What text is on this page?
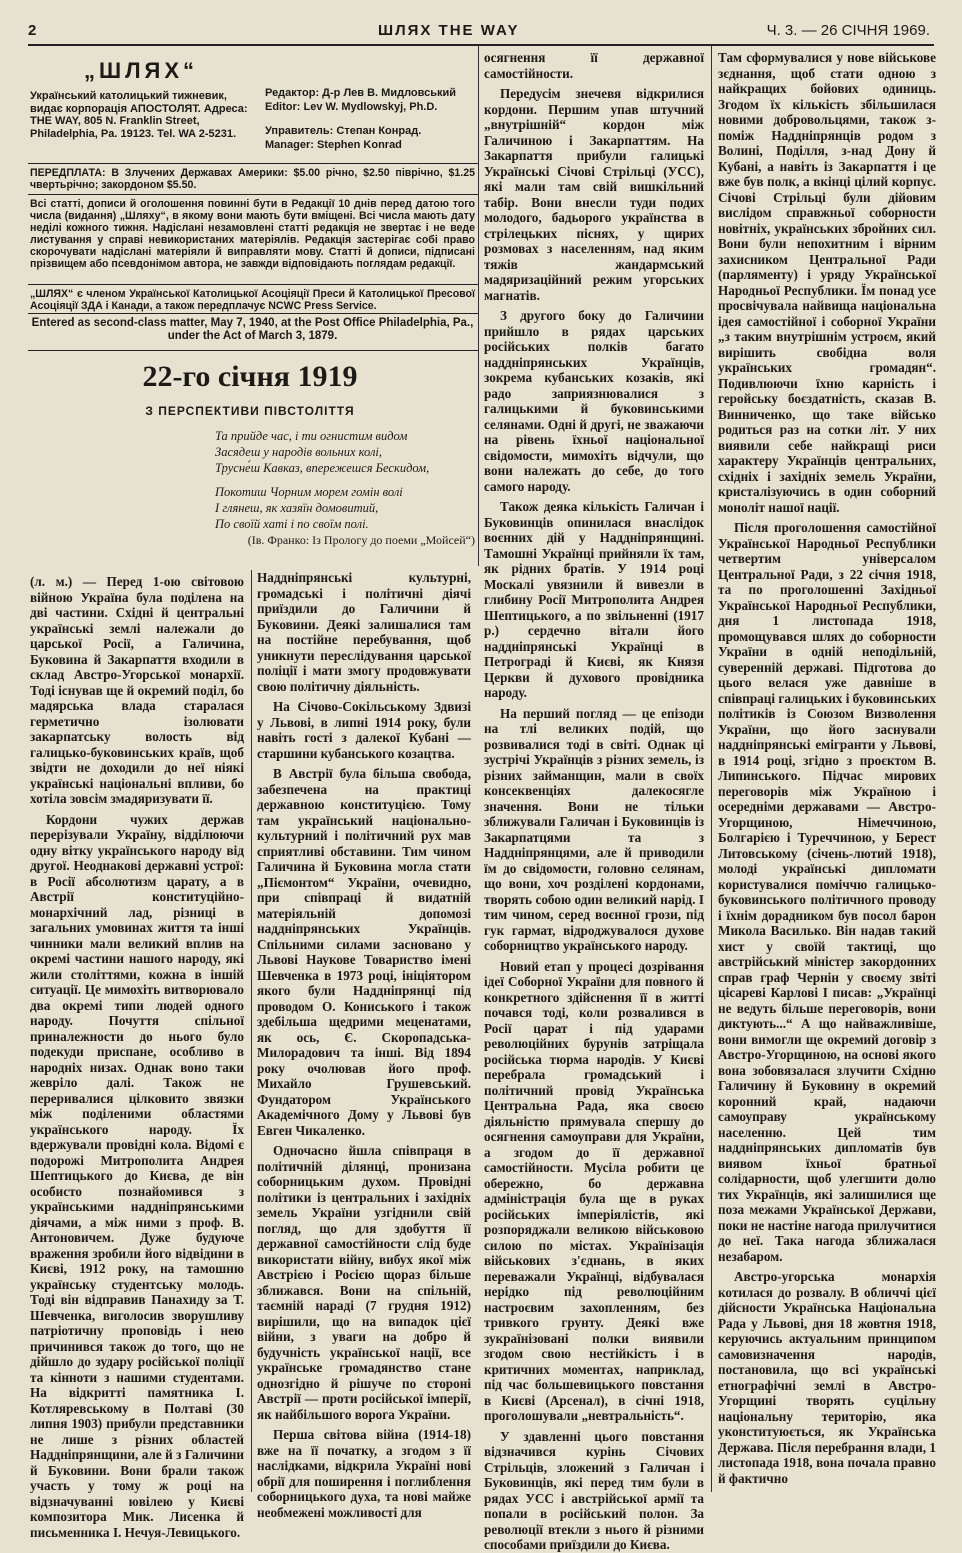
2	ШЛЯХ THE WAY	Ч. 3. — 26 СІЧНЯ 1969.
„ШЛЯХ“
Український католицький тижневик, видає корпорація АПОСТОЛЯТ. Адреса: THE WAY, 805 N. Franklin Street, Philadelphia, Pa. 19123. Tel. WA 2-5231.
Редактор: Д-р Лев В. Мидловський
Editor: Lev W. Mydlowskyj, Ph.D.
Управитель: Степан Конрад.
Manager: Stephen Konrad
ПЕРЕДПЛАТА: В Злучених Державах Америки: $5.00 річно, $2.50 піврічно, $1.25 чвертьрічно; закордоном $5.50.
Всі статті, дописи й оголошення повинні бути в Редакції 10 днів перед датою того числа (видання) „Шляху“, в якому вони мають бути вміщені. Всі числа мають дату неділі кожного тижня. Надіслані незамовлені статті редакція не звертає і не веде листування у справі невикористаних матеріялів. Редакція застерігає собі право скорочувати надіслані матеріяли й виправляти мову. Статті й дописи, підписані прізвищем або псевдонімом автора, не завжди відповідають поглядам редакції.
„ШЛЯХ“ є членом Української Католицької Асоціяції Преси й Католицької Пресової Асоціяції ЗДА і Канади, а також передплачує NCWC Press Service.
Entered as second-class matter, May 7, 1940, at the Post Office Philadelphia, Pa., under the Act of March 3, 1879.
22-го січня 1919
З ПЕРСПЕКТИВИ ПІВСТОЛІТТЯ
Та прийде час, і ти огнистим видом
Засядеш у народів вольних колі,
Трусне́ш Кавказ, впережешся Бескидом,
Покотиш Чорним морем гомін волі
І глянеш, як хазяїн домовитий,
По своїй хаті і по своїм полі.
(Ів. Франко: Із Прологу до поеми „Мойсей“)

(л. м.) — Перед 1-ою світовою війною Україна була поділена на дві частини. Східні й центральні українські землі належали до царської Росії, а Галичина, Буковина й Закарпаття входили в склад Австро-Угорської монархії. Тоді існував ще й окремий поділ, бо мадярська влада старалася герметично ізолювати закарпатську волость від галицько-буковинських країв, щоб звідти не доходили до неї ніякі українські національні впливи, бо хотіла зовсім змадяризувати її.

Кордони чужих держав перерізували Україну, відділюючи одну вітку українського народу від другої. Неоднакові державні устрої: в Росії абсолютизм царату, а в Австрії конституційно-монархічний лад, різниці в загальних умовинах життя та інші чинники мали великий вплив на окремі частини нашого народу, які жили століттями, кожна в іншій ситуації. Це мимохіть витворювало два окремі типи людей одного народу. Почуття спільної приналежности до нього було подекуди приспане, особливо в народніх низах. Однак воно таки жевріло далі. Також не переривалися цілковито звязки між поділеними областями українського народу. Їх вдержували провідні кола. Відомі є подорожі Митрополита Андрея Шептицького до Києва, де він особисто познайомився з українськими наддніпрянськими діячами, а між ними з проф. В. Антоновичем. Дуже будуюче враження зробили його відвідини в Києві, 1912 року, на тамошню українську студентську молодь. Тоді він відправив Панахиду за Т. Шевченка, виголосив зворушливу патріотичну проповідь і нею причинився також до того, що не дійшло до зудару російської поліції та кінноти з нашими студентами. На відкритті памятника І. Котляревському в Полтаві (30 липня 1903) прибули представники не лише з різних областей Наддніпрянщини, але й з Галичини й Буковини. Вони брали також участь у тому ж році на відзначуванні ювілею у Києві композитора Мик. Лисенка й письменника І. Нечуя-Левицького.

Наддніпрянські культурні, громадські і політичні діячі приїздили до Галичини й Буковини. Деякі залишалися там на постійне перебування, щоб уникнути переслідування царської поліції і мати змогу продовжувати свою політичну діяльність.

На Січово-Сокільському Здвизі у Львові, в липні 1914 року, були навіть гості з далекої Кубані — старшини кубанського козацтва.

В Австрії була більша свобода, забезпечена на практиці державною конституцією. Тому там український національно-культурний і політичний рух мав сприятливі обставини. Тим чином Галичина й Буковина могла стати „Піємонтом“ України, очевидно, при співпраці й видатній матеріяльній допомозі наддніпрянських Українців. Спільними силами засновано у Львові Наукове Товариство імені Шевченка в 1973 році, ініціятором якого були Наддніпрянці під проводом О. Кониського і також здебільша щедрими меценатами, як ось, Є. Скоропадська-Милорадович та інші. Від 1894 року очолював його проф. Михайло Грушевський. Фундатором Українського Академічного Дому у Львові був Евген Чикаленко.

Одночасно йшла співпраця в політичній ділянці, пронизана соборницьким духом. Провідні політики із центральних і західніх земель України узгіднили свій погляд, що для здобуття її державної самостійности слід буде використати війну, вибух якої між Австрією і Росією щораз більше зближався. Вони на спільній, таємній нараді (7 грудня 1912) вирішили, що на випадок цієї війни, з уваги на добро й будучність української нації, все українське громадянство стане однозгідно й рішуче по стороні Австрії — проти російської імперії, як найбільшого ворога України.

Перша світова війна (1914-18) вже на її початку, а згодом з її наслідками, відкрила Україні нові обрії для поширення і поглиблення соборницького духа, та нові майже необмежені можливості для

осягнення її державної самостійности.

Передусім знечевя відкрилися кордони. Першим упав штучний „внутрішній“ кордон між Галичиною і Закарпаттям. На Закарпаття прибули галицькі Українські Січові Стрільці (УСС), які мали там свій вишкільний табір. Вони внесли туди подих молодого, бадьорого українства в стрілецьких піснях, у щирих розмовах з населенням, над яким тяжів жандармський мадяризаційний режим угорських магнатів.

З другого боку до Галичини прийшло в рядах царських російських полків багато наддніпрянських Українців, зокрема кубанських козаків, які радо заприязнювалися з галицькими й буковинськими селянами. Одні й другі, не зважаючи на рівень їхньої національної свідомости, мимохіть відчули, що вони належать до себе, до того самого народу.

Також деяка кількість Галичан і Буковинців опинилася внаслідок воєнних дій у Наддніпрянщині. Тамошні Українці прийняли їх там, як рідних братів. У 1914 році Москалі увязнили й вивезли в глибину Росії Митрополита Андрея Шептицького, а по звільненні (1917 р.) сердечно вітали його наддніпрянські Українці в Петрограді й Києві, як Князя Церкви й духового провідника народу.

На перший погляд — це епізоди на тлі великих подій, що розвивалися тоді в світі. Однак ці зустрічі Українців з різних земель, із різних займанщин, мали в своїх консеквенціях далекосягле значення. Вони не тільки зближували Галичан і Буковинців із Закарпатцями та з Наддніпрянцями, але й приводили їм до свідомости, головно селянам, що вони, хоч розділені кордонами, творять собою один великий нарід. І тим чином, серед воєнної грози, під гук гармат, відроджувалося духове соборництво українського народу.

Новий етап у процесі дозрівання ідеї Соборної України для повного й конкретного здійснення її в житті почався тоді, коли розвалився в Росії царат і під ударами революційних бурунів затріщала російська тюрма народів. У Києві перебрала громадський і політичний провід Українська Центральна Рада, яка своєю діяльністю прямувала спершу до осягнення самоуправи для України, а згодом до її державної самостійности. Мусіла робити це обережно, бо державна адміністрація була ще в руках російських імперіялістів, які розпоряджали великою військовою силою по містах. Українізація військових з'єднань, в яких переважали Українці, відбувалася нерідко під революційним настроєвим захопленням, без тривкого грунту. Деякі вже зукраїнізовані полки виявили згодом свою нестійкість і в критичних моментах, наприклад, під час большевицького повстання в Києві (Арсенал), в січні 1918, проголошували „невтральність“.

У здавленні цього повстання відзначився курінь Січових Стрільців, зложений з Галичан і Буковинців, які перед тим були в рядах УСС і австрійської армії та попали в російський полон. За революції втекли з нього й різними способами приїздили до Києва.

Там сформувалися у нове військове зєднання, щоб стати одною з найкращих бойових одиниць. Згодом їх кількість збільшилася новими добровольцями, також з-поміж Наддніпрянців родом з Волині, Поділля, з-над Дону й Кубані, а навіть із Закарпаття і це вже був полк, а вкінці цілий корпус. Січові Стрільці були дійовим вислідом справжньої соборности новітніх, українських збройних сил. Вони були непохитним і вірним захисником Центральної Ради (парляменту) і уряду Української Народньої Республики. Їм понад усе просвічувала найвища національна ідея самостійної і соборної України „з таким внутрішнім устроєм, який вирішить свобідна воля українських громадян“. Подивлюючи їхню карність і геройську боєздатність, сказав В. Винниченко, що таке військо родиться раз на сотки літ. У них виявили себе найкращі риси характеру Українців центральних, східніх і західніх земель України, кристалізуючись в один соборний моноліт нашої нації.

Після проголошення самостійної Української Народньої Республики четвертим універсалом Центральної Ради, з 22 січня 1918, та по проголошенні Західньої Української Народньої Республики, дня 1 листопада 1918, промощувався шлях до соборности України в одній неподільній, суверенній державі. Підготова до цього велася уже давніше в співпраці галицьких і буковинських політиків із Союзом Визволення України, що його заснували наддніпрянські емігранти у Львові, в 1914 році, згідно з проєктом В. Липинського. Підчас мирових переговорів між Україною і осередніми державами — Австро-Угорщиною, Німеччиною, Болгарією і Туреччиною, у Берест Литовському (січень-лютий 1918), молоді українські дипломати користувалися поміччю галицько-буковинського політичного проводу і їхнім дорадником був посол барон Микола Василько. Він надав такий хист у своїй тактиці, що австрійський міністер закордонних справ граф Чернін у своєму звіті цісареві Карлові І писав: „Українці не ведуть більше переговорів, вони диктують...“ А що найважливіше, вони вимогли ще окремий договір з Австро-Угорщиною, на основі якого вона зобовязалася злучити Східню Галичину й Буковину в окремий коронний край, надаючи самоуправу українському населенню. Цей тим наддніпрянських дипломатів був виявом їхньої братньої солідарности, щоб улегшити долю тих Українців, які залишилися ще поза межами Української Держави, поки не настіне нагода прилучитися до неї. Така нагода зближалася незабаром.

Австро-угорська монархія котилася до розвалу. В обличчі цієї дійсности Українська Національна Рада у Львові, дня 18 жовтня 1918, керуючись актуальним принципом самовизначення народів, постановила, що всі українські етнографічні землі в Австро-Угорщині творять суцільну національну територію, яка уконституюється, як Українська Держава. Після перебрання влади, 1 листопада 1918, вона почала правно й фактично
